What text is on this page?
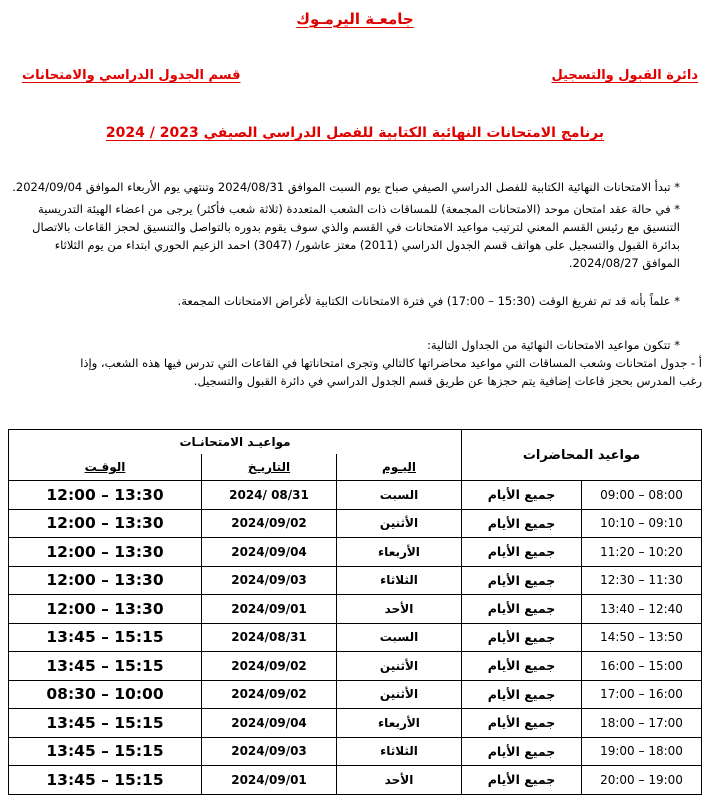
جامعـة اليرمـوك
دائرة القبول والتسجيل
قسم الجدول الدراسي والامتحانات
برنامج الامتحانات النهائية الكتابية للفصل الدراسي الصيفي 2023 / 2024
* تبدأ الامتحانات النهائية الكتابية للفصل الدراسي الصيفي صباح يوم السبت الموافق 2024/08/31 وتنتهي يوم الأربعاء الموافق 2024/09/04.
* في حالة عقد امتحان موحد (الامتحانات المجمعة) للمساقات ذات الشعب المتعددة (ثلاثة شعب فأكثر) يرجى من اعضاء الهيئة التدريسية
التنسيق مع رئيس القسم المعني لترتيب مواعيد الامتحانات في القسم والذي سوف يقوم بدوره بالتواصل والتنسيق لحجز القاعات بالاتصال
بدائرة القبول والتسجيل على هواتف قسم الجدول الدراسي (2011) معتز عاشور/ (3047) احمد الزعيم الحوري ابتداء من يوم الثلاثاء
الموافق 2024/08/27.
* علماً بأنه قد تم تفريغ الوقت (15:30 – 17:00) في فترة الامتحانات الكتابية لأغراض الامتحانات المجمعة.
* تتكون مواعيد الامتحانات النهائية من الجداول التالية:
أ - جدول امتحانات وشعب المساقات التي مواعيد محاضراتها كالتالي وتجرى امتحاناتها في القاعات التي تدرس فيها هذه الشعب، وإذا
رغب المدرس بحجز قاعات إضافية يتم حجزها عن طريق قسم الجدول الدراسي في دائرة القبول والتسجيل.
مواعيد المحاضرات		مواعيـد الامتحانـات		
		اليـوم	التاريـخ	الوقـت
08:00 – 09:00	جميع الأيام	السبت	2024/ 08/31	12:00 – 13:30
09:10 – 10:10	جميع الأيام	الأثنين	2024/09/02	12:00 – 13:30
10:20 – 11:20	جميع الأيام	الأربعاء	2024/09/04	12:00 – 13:30
11:30 – 12:30	جميع الأيام	الثلاثاء	2024/09/03	12:00 – 13:30
12:40 – 13:40	جميع الأيام	الأحد	2024/09/01	12:00 – 13:30
13:50 – 14:50	جميع الأيام	السبت	2024/08/31	13:45 – 15:15
15:00 – 16:00	جميع الأيام	الأثنين	2024/09/02	13:45 – 15:15
16:00 – 17:00	جميع الأيام	الأثنين	2024/09/02	08:30 – 10:00
17:00 – 18:00	جميع الأيام	الأربعاء	2024/09/04	13:45 – 15:15
18:00 – 19:00	جميع الأيام	الثلاثاء	2024/09/03	13:45 – 15:15
19:00 – 20:00	جميع الأيام	الأحد	2024/09/01	13:45 – 15:15
